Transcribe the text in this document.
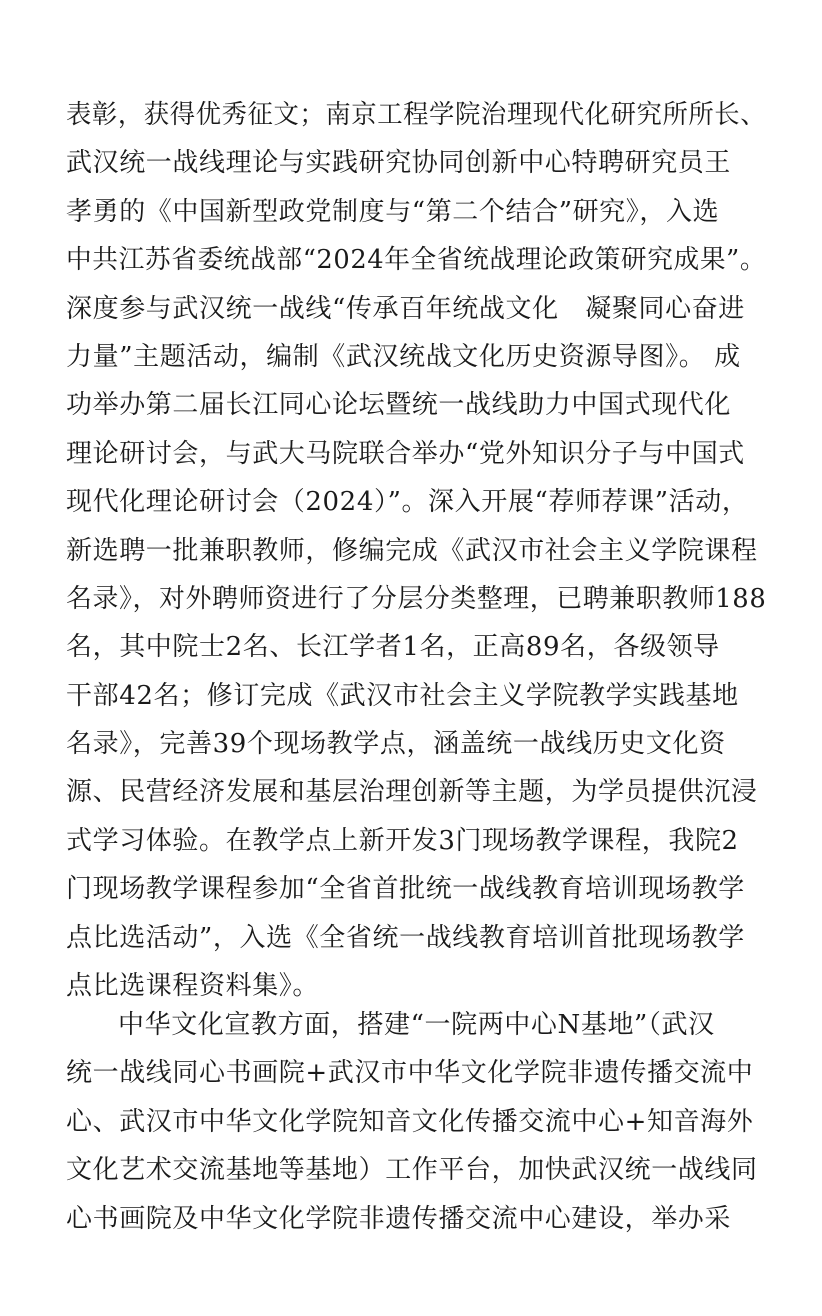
表彰，获得优秀征文；南京工程学院治理现代化研究所所长、
武汉统一战线理论与实践研究协同创新中心特聘研究员王
孝勇的《中国新型政党制度与“第二个结合”研究》，入选
中共江苏省委统战部“2024年全省统战理论政策研究成果”。
深度参与武汉统一战线“传承百年统战文化　凝聚同心奋进
力量”主题活动，编制《武汉统战文化历史资源导图》。 成
功举办第二届长江同心论坛暨统一战线助力中国式现代化
理论研讨会，与武大马院联合举办“党外知识分子与中国式
现代化理论研讨会（2024）”。深入开展“荐师荐课”活动，
新选聘一批兼职教师，修编完成《武汉市社会主义学院课程
名录》，对外聘师资进行了分层分类整理，已聘兼职教师188
名，其中院士2名、长江学者1名，正高89名，各级领导
干部42名；修订完成《武汉市社会主义学院教学实践基地
名录》，完善39个现场教学点，涵盖统一战线历史文化资
源、民营经济发展和基层治理创新等主题，为学员提供沉浸
式学习体验。在教学点上新开发3门现场教学课程，我院2
门现场教学课程参加“全省首批统一战线教育培训现场教学
点比选活动”，入选《全省统一战线教育培训首批现场教学
点比选课程资料集》。
中华文化宣教方面，搭建“一院两中心N基地”（武汉
统一战线同心书画院+武汉市中华文化学院非遗传播交流中
心、武汉市中华文化学院知音文化传播交流中心+知音海外
文化艺术交流基地等基地）工作平台，加快武汉统一战线同
心书画院及中华文化学院非遗传播交流中心建设，举办采
